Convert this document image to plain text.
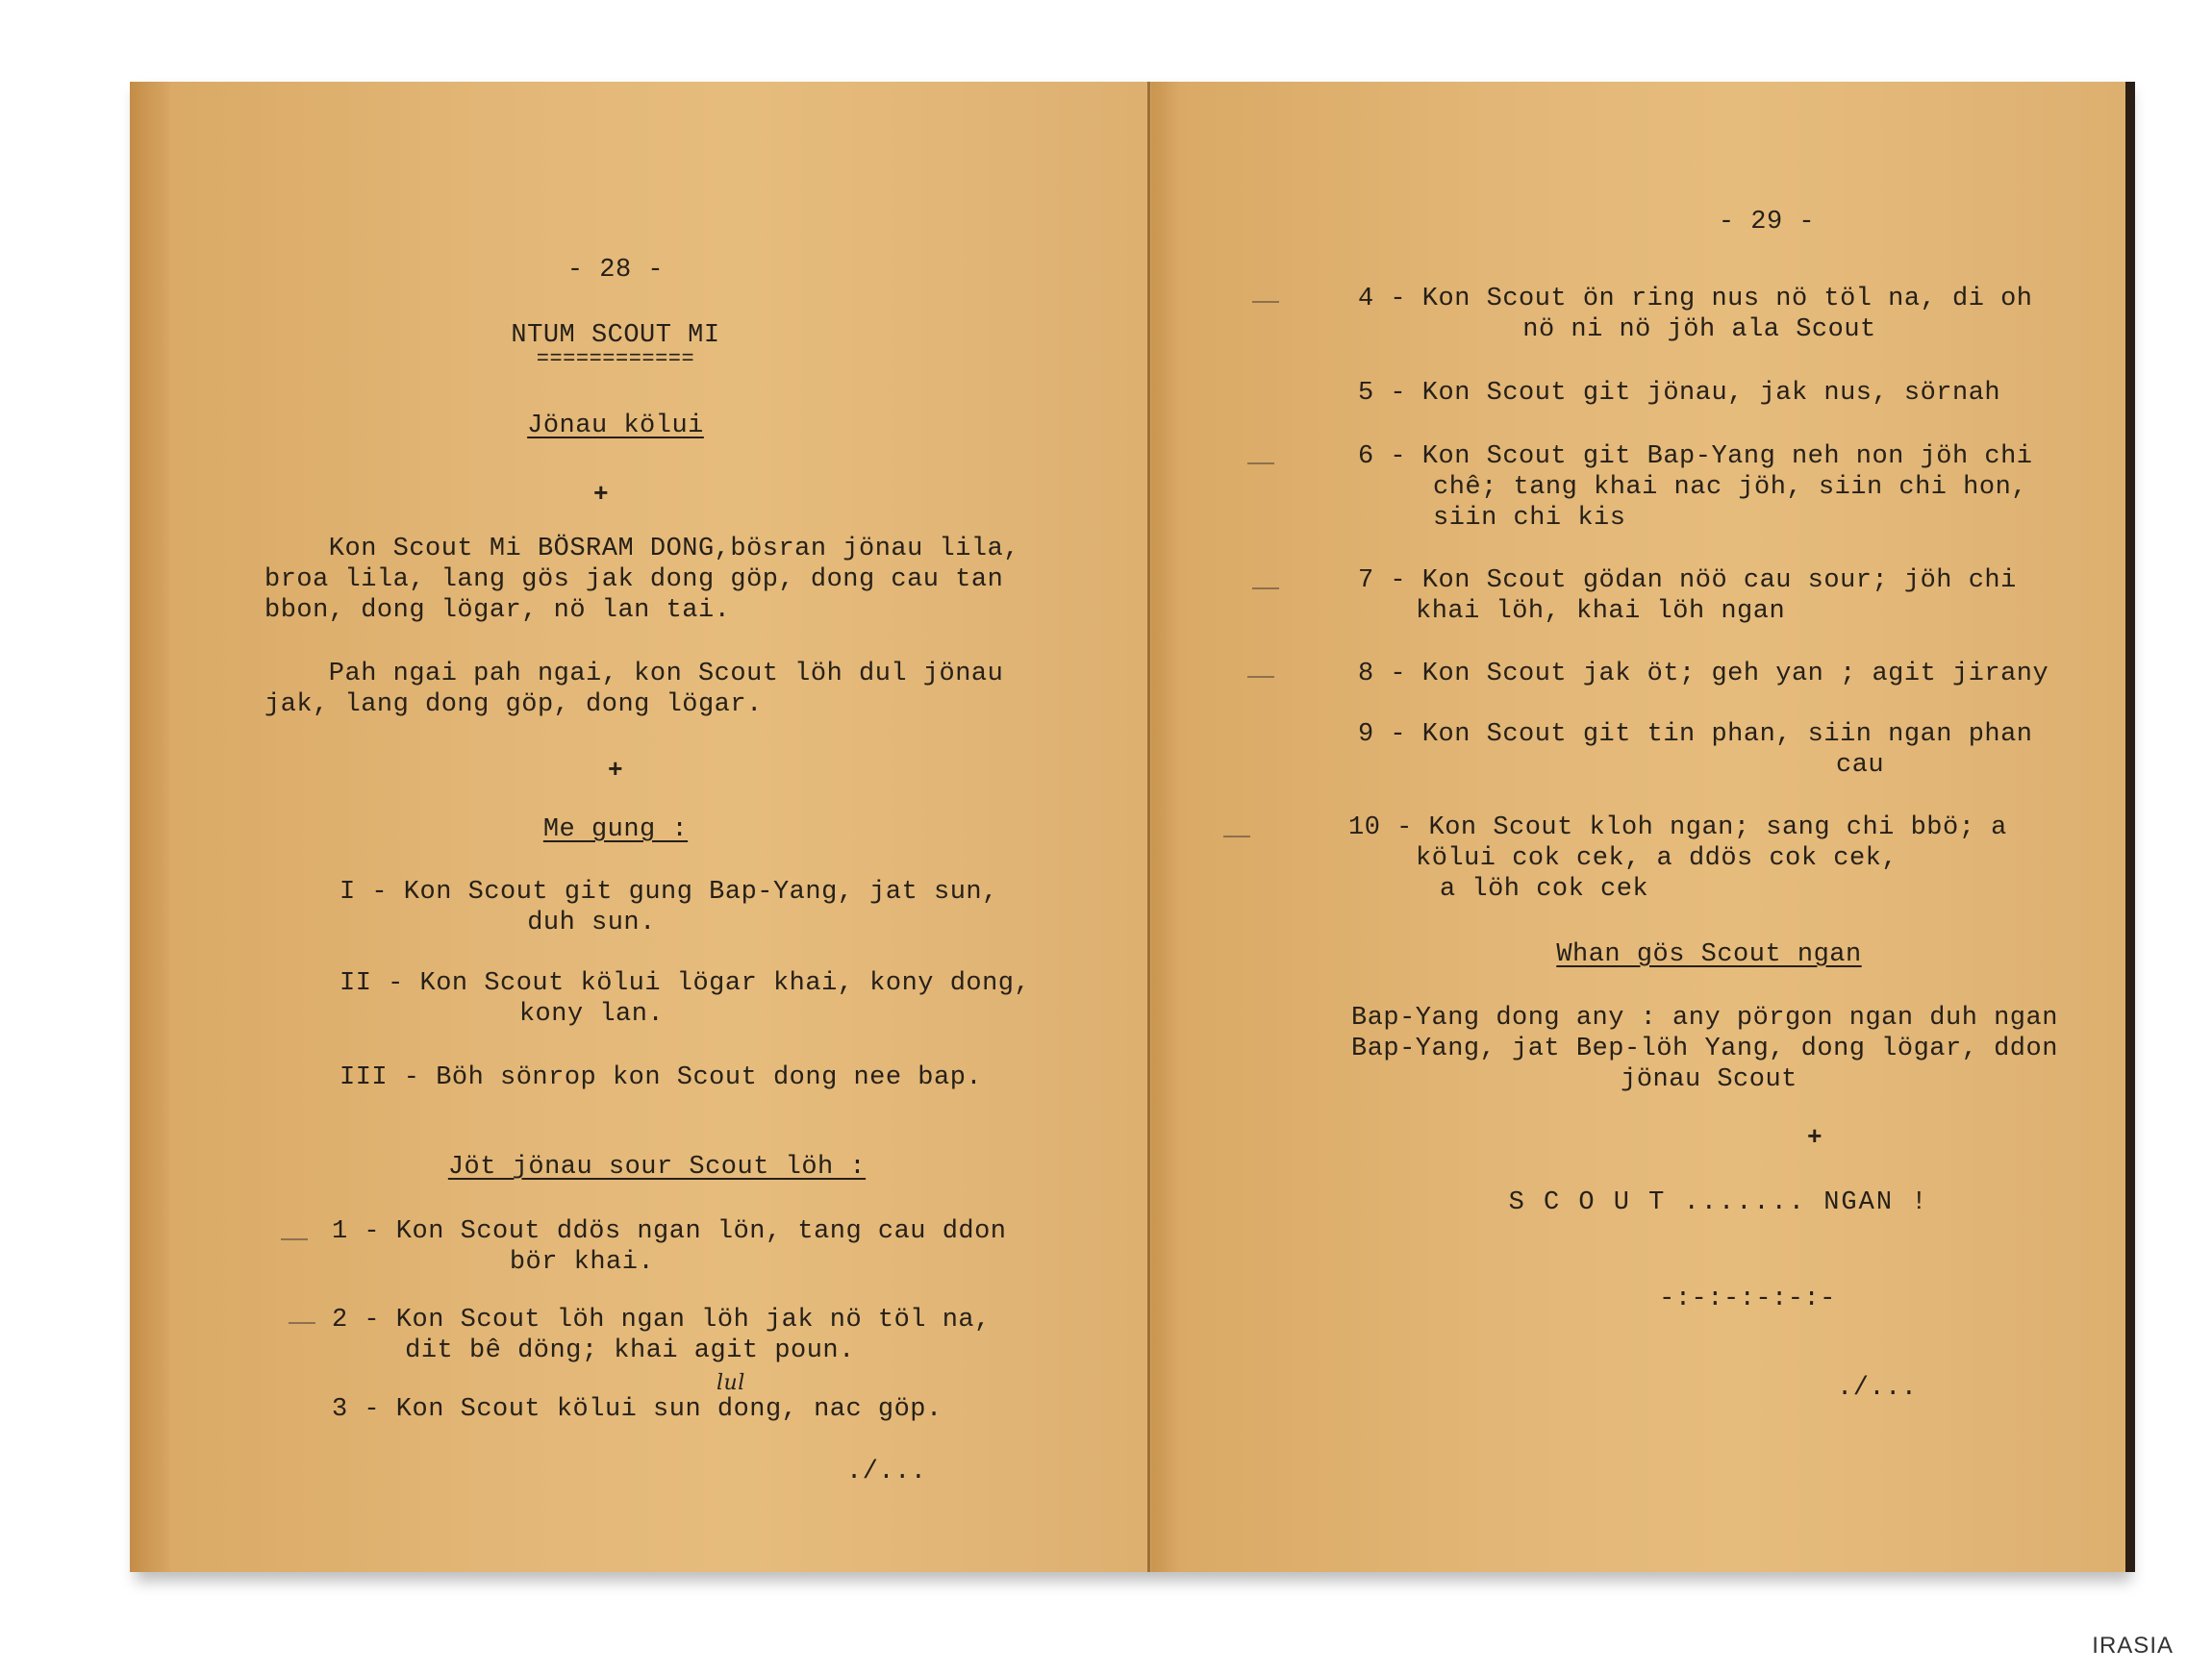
- 28 -
NTUM SCOUT MI
============
Jönau kölui
+
Kon Scout Mi BÖSRAM DONG,bösran jönau lila,
broa lila, lang gös jak dong göp, dong cau tan
bbon, dong lögar, nö lan tai.
Pah ngai pah ngai, kon Scout löh dul jönau
jak, lang dong göp, dong lögar.
+
Me gung :
I - Kon Scout git gung Bap-Yang, jat sun,
duh sun.
II - Kon Scout kölui lögar khai, kony dong,
kony lan.
III - Böh sönrop kon Scout dong nee bap.
Jöt jönau sour Scout löh :
1 - Kon Scout ddös ngan lön, tang cau ddon
bör khai.
2 - Kon Scout löh ngan löh jak nö töl na,
dit bê döng; khai agit poun.
lul
3 - Kon Scout kölui sun dong, nac göp.
./...
- 29 -
4 - Kon Scout ön ring nus nö töl na, di oh
nö ni nö jöh ala Scout
5 - Kon Scout git jönau, jak nus, sörnah
6 - Kon Scout git Bap-Yang neh non jöh chi
chê; tang khai nac jöh, siin chi hon,
siin chi kis
7 - Kon Scout gödan nöö cau sour; jöh chi
khai löh, khai löh ngan
8 - Kon Scout jak öt; geh yan ; agit jirany
9 - Kon Scout git tin phan, siin ngan phan
cau
10 - Kon Scout kloh ngan; sang chi bbö; a
kölui cok cek, a ddös cok cek,
a löh cok cek
Whan gös Scout ngan
Bap-Yang dong any : any pörgon ngan duh ngan
Bap-Yang, jat Bep-löh Yang, dong lögar, ddon
jönau Scout
+
S C O U T ....... NGAN !
-:-:-:-:-:-
./...
IRASIA
